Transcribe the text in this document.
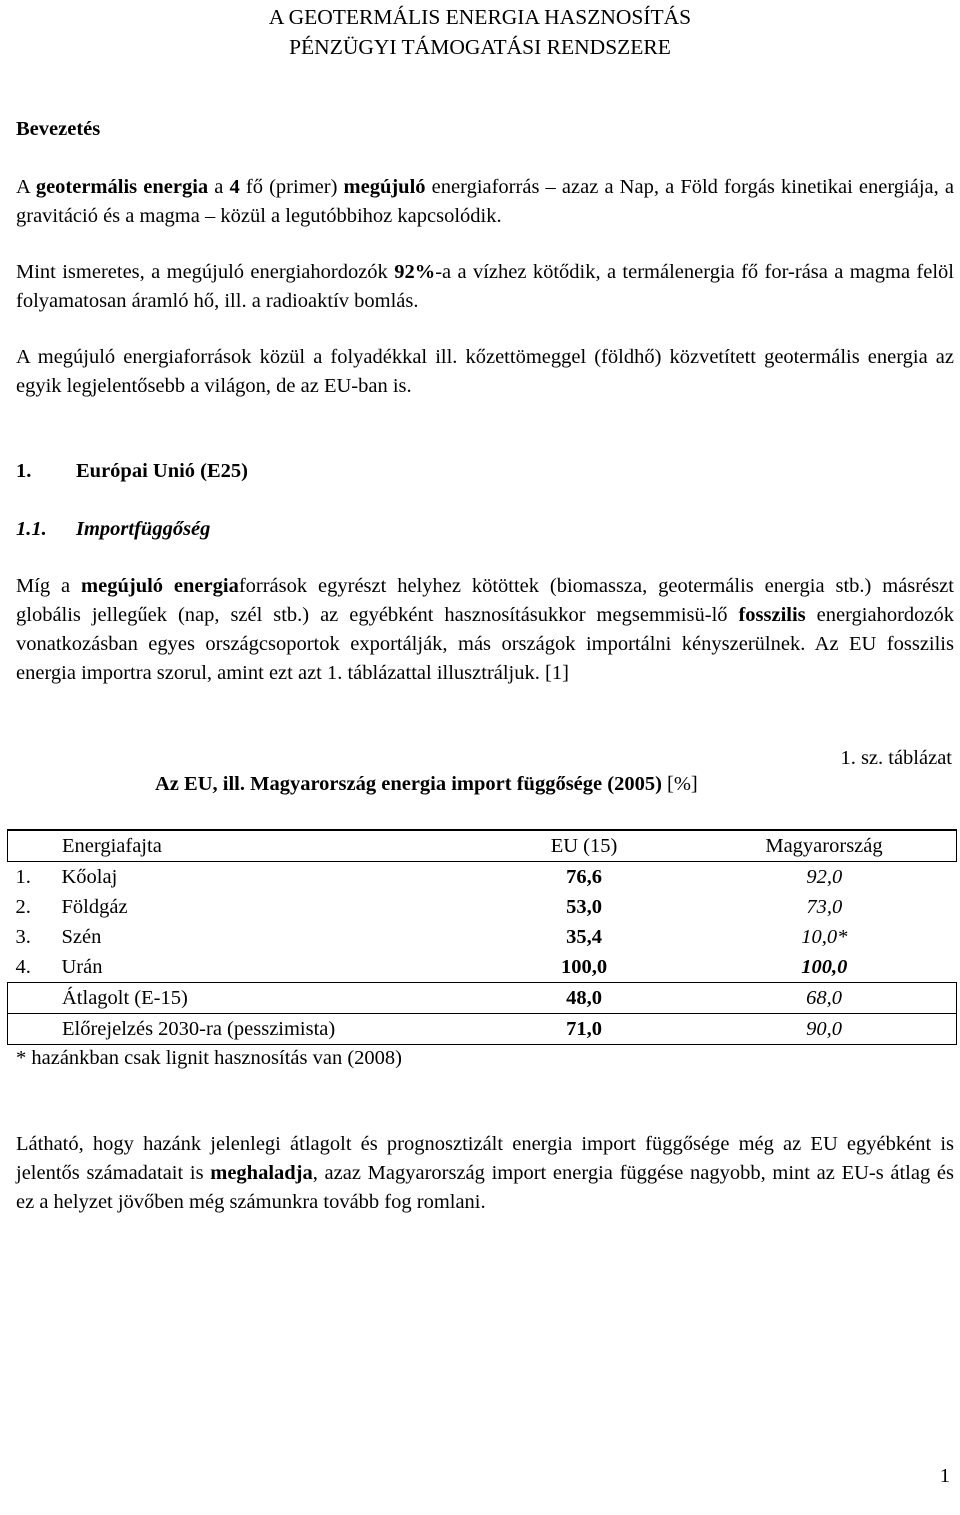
A GEOTERMÁLIS ENERGIA HASZNOSÍTÁS
PÉNZÜGYI TÁMOGATÁSI RENDSZERE

Bevezetés

A geotermális energia a 4 fő (primer) megújuló energiaforrás – azaz a Nap, a Föld forgás kinetikai energiája, a gravitáció és a magma – közül a legutóbbihoz kapcsolódik.

Mint ismeretes, a megújuló energiahordozók 92%-a a vízhez kötődik, a termálenergia fő for-rása a magma felöl folyamatosan áramló hő, ill. a radioaktív bomlás.

A megújuló energiaforrások közül a folyadékkal ill. kőzettömeggel (földhő) közvetített geotermális energia az egyik legjelentősebb a világon, de az EU-ban is.

1. Európai Unió (E25)

1.1. Importfüggőség

Míg a megújuló energiaforrások egyrészt helyhez kötöttek (biomassza, geotermális energia stb.) másrészt globális jellegűek (nap, szél stb.) az egyébként hasznosításukkor megsemmisü-lő fosszilis energiahordozók vonatkozásban egyes országcsoportok exportálják, más országok importálni kényszerülnek. Az EU fosszilis energia importra szorul, amint ezt azt 1. táblázattal illusztráljuk. [1]

1. sz. táblázat

Az EU, ill. Magyarország energia import függősége (2005) [%]

Energiafajta	EU (15)	Magyarország
1. Kőolaj	76,6	92,0
2. Földgáz	53,0	73,0
3. Szén	35,4	10,0*
4. Urán	100,0	100,0
Átlagolt (E-15)	48,0	68,0
Előrejelzés 2030-ra (pesszimista)	71,0	90,0

* hazánkban csak lignit hasznosítás van (2008)

Látható, hogy hazánk jelenlegi átlagolt és prognosztizált energia import függősége még az EU egyébként is jelentős számadatait is meghaladja, azaz Magyarország import energia függése nagyobb, mint az EU-s átlag és ez a helyzet jövőben még számunkra tovább fog romlani.

1
